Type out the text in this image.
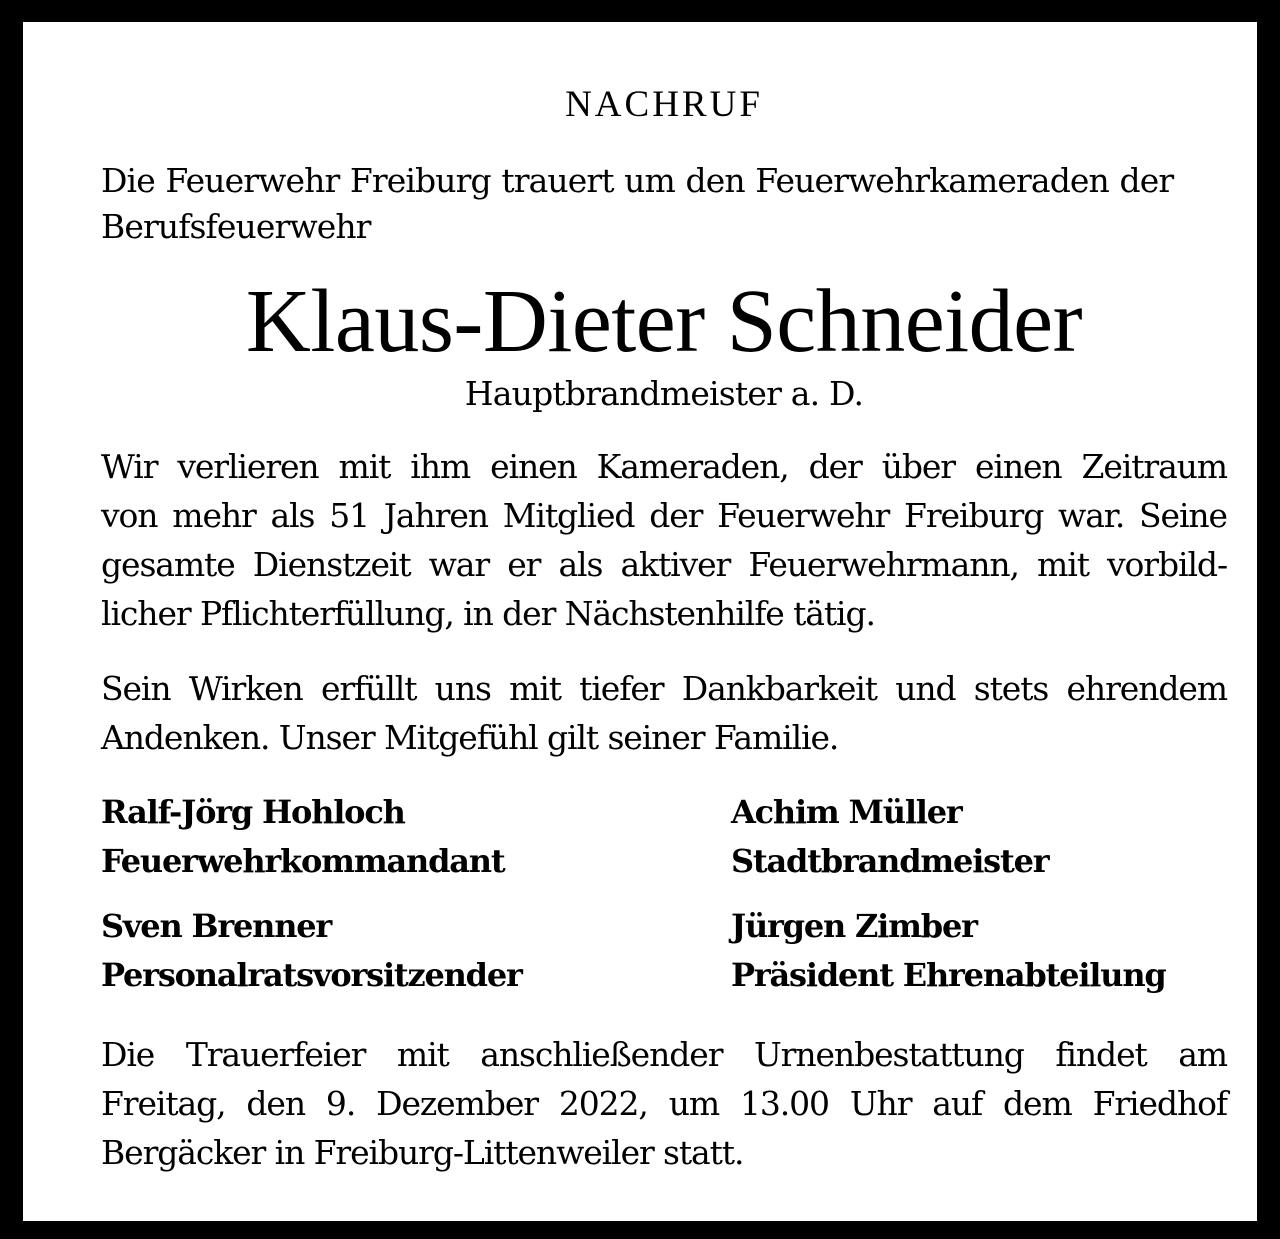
NACHRUF
Die Feuerwehr Freiburg trauert um den Feuerwehrkameraden der
Berufsfeuerwehr
Klaus-Dieter Schneider
Hauptbrandmeister a. D.
Wir verlieren mit ihm einen Kameraden, der über einen Zeitraum
von mehr als 51 Jahren Mitglied der Feuerwehr Freiburg war. Seine
gesamte Dienstzeit war er als aktiver Feuerwehrmann, mit vorbild-
licher Pflichterfüllung, in der Nächstenhilfe tätig.
Sein Wirken erfüllt uns mit tiefer Dankbarkeit und stets ehrendem
Andenken. Unser Mitgefühl gilt seiner Familie.
Ralf-Jörg Hohloch
Feuerwehrkommandant
Achim Müller
Stadtbrandmeister
Sven Brenner
Personalratsvorsitzender
Jürgen Zimber
Präsident Ehrenabteilung
Die Trauerfeier mit anschließender Urnenbestattung findet am
Freitag, den 9. Dezember 2022, um 13.00 Uhr auf dem Friedhof
Bergäcker in Freiburg-Littenweiler statt.
